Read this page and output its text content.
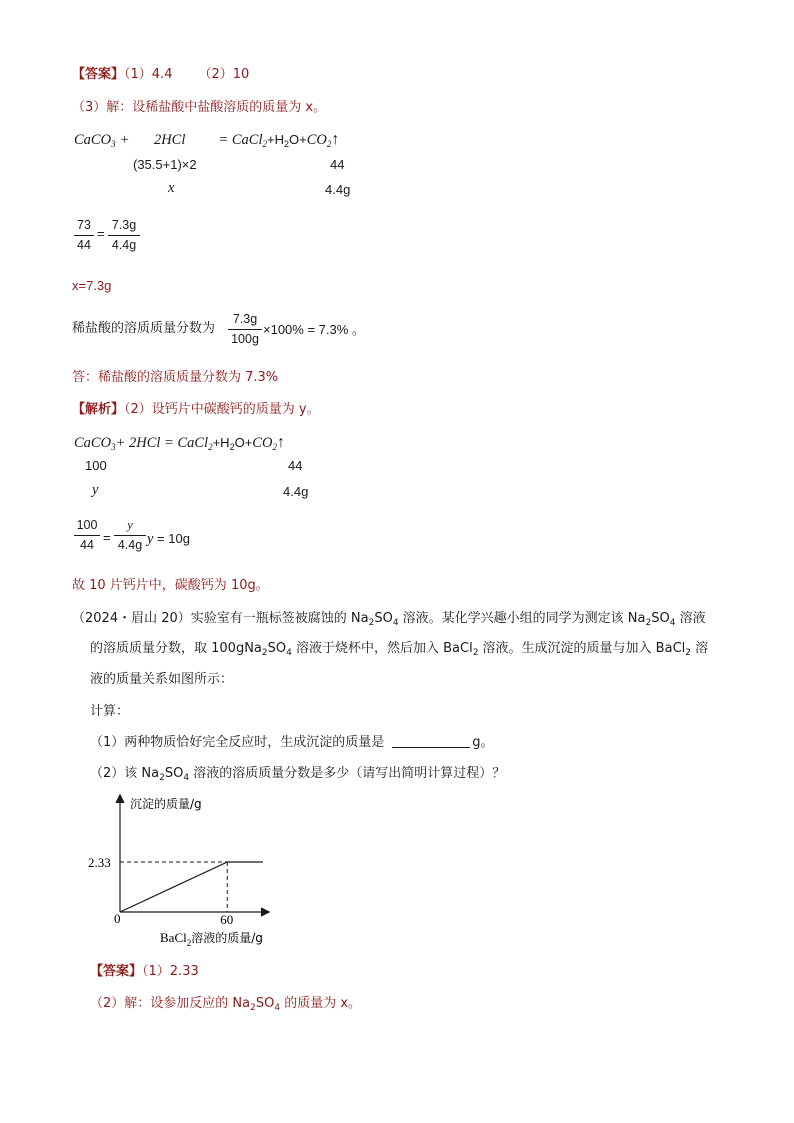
【答案】（1）4.4 （2）10
（3）解：设稀盐酸中盐酸溶质的质量为 x。
CaCO$_3$ + $2HCl = CaCl_2+H_2O+CO_2↑$
(35.5+1)×2	44
x	4.4g
73
44
=
7.3g
4.4g
x=7.3g
稀盐酸的溶质质量分数为
7.3g
100g
×100% = 7.3% 。
答：稀盐酸的溶质质量分数为 7.3%
【解析】（2）设钙片中碳酸钙的质量为 y。
CaCO$_3$+ $2HCl = CaCl_2+H_2O+CO_2↑$
100	44
y	4.4g
100
44 =
y
4.4g y = 10g
故 10 片钙片中，碳酸钙为 10g。
（2024・眉山 20）实验室有一瓶标签被腐蚀的 $Na_2SO_4$ 溶液。某化学兴趣小组的同学为测定该 $Na_2SO_4$ 溶液
的溶质质量分数，取 $100gNa_2SO_4$ 溶液于烧杯中，然后加入 BaCl$_2$ 溶液。生成沉淀的质量与加入 BaCl$_2$ 溶
液的质量关系如图所示：
计算：
（1）两种物质恰好完全反应时，生成沉淀的质量是	g。
（2）该 $Na_2SO_4$ 溶液的溶质质量分数是多少（请写出简明计算过程）？
沉淀的质量/g
2.33
0	60
BaCl$_2$溶液的质量/g
【答案】（1）2.33
（2）解：设参加反应的 $Na_2SO_4$ 的质量为 x。
